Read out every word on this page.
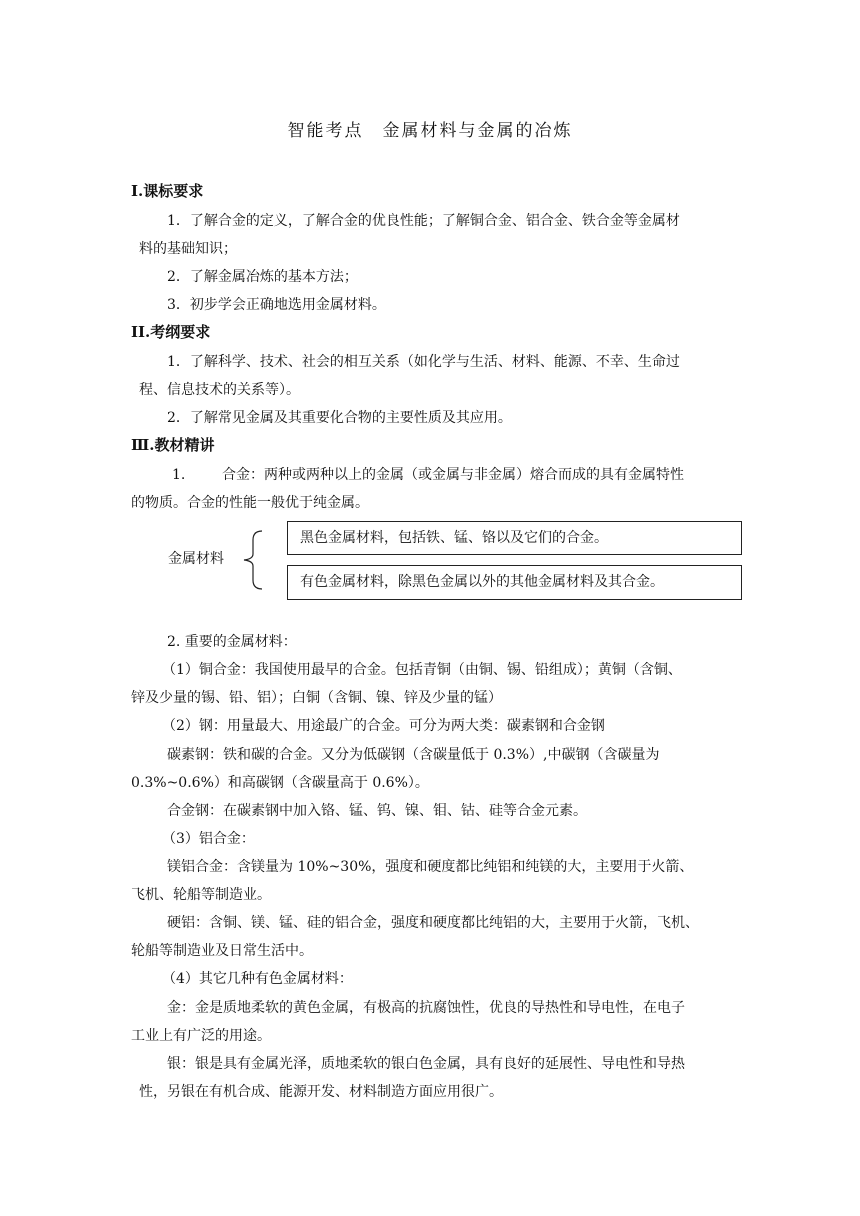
智能考点　金属材料与金属的冶炼
I.课标要求
1．了解合金的定义，了解合金的优良性能；了解铜合金、铝合金、铁合金等金属材
料的基础知识；
2．了解金属冶炼的基本方法；
3．初步学会正确地选用金属材料。
II.考纲要求
1．了解科学、技术、社会的相互关系（如化学与生活、材料、能源、不幸、生命过
程、信息技术的关系等）。
2．了解常见金属及其重要化合物的主要性质及其应用。
Ⅲ.教材精讲
1.	合金：两种或两种以上的金属（或金属与非金属）熔合而成的具有金属特性
的物质。合金的性能一般优于纯金属。
金属材料
黑色金属材料，包括铁、锰、铬以及它们的合金。
有色金属材料，除黑色金属以外的其他金属材料及其合金。
2. 重要的金属材料：
（1）铜合金：我国使用最早的合金。包括青铜（由铜、锡、铅组成）；黄铜（含铜、
锌及少量的锡、铅、铝）；白铜（含铜、镍、锌及少量的锰）
（2）钢：用量最大、用途最广的合金。可分为两大类：碳素钢和合金钢
碳素钢：铁和碳的合金。又分为低碳钢（含碳量低于 0.3%）,中碳钢（含碳量为
0.3%~0.6%）和高碳钢（含碳量高于 0.6%）。
合金钢：在碳素钢中加入铬、锰、钨、镍、钼、钴、硅等合金元素。
（3）铝合金：
镁铝合金：含镁量为 10%~30%，强度和硬度都比纯铝和纯镁的大，主要用于火箭、
飞机、轮船等制造业。
硬铝：含铜、镁、锰、硅的铝合金，强度和硬度都比纯铝的大，主要用于火箭，飞机、
轮船等制造业及日常生活中。
（4）其它几种有色金属材料：
金：金是质地柔软的黄色金属，有极高的抗腐蚀性，优良的导热性和导电性，在电子
工业上有广泛的用途。
银：银是具有金属光泽，质地柔软的银白色金属，具有良好的延展性、导电性和导热
性，另银在有机合成、能源开发、材料制造方面应用很广。
